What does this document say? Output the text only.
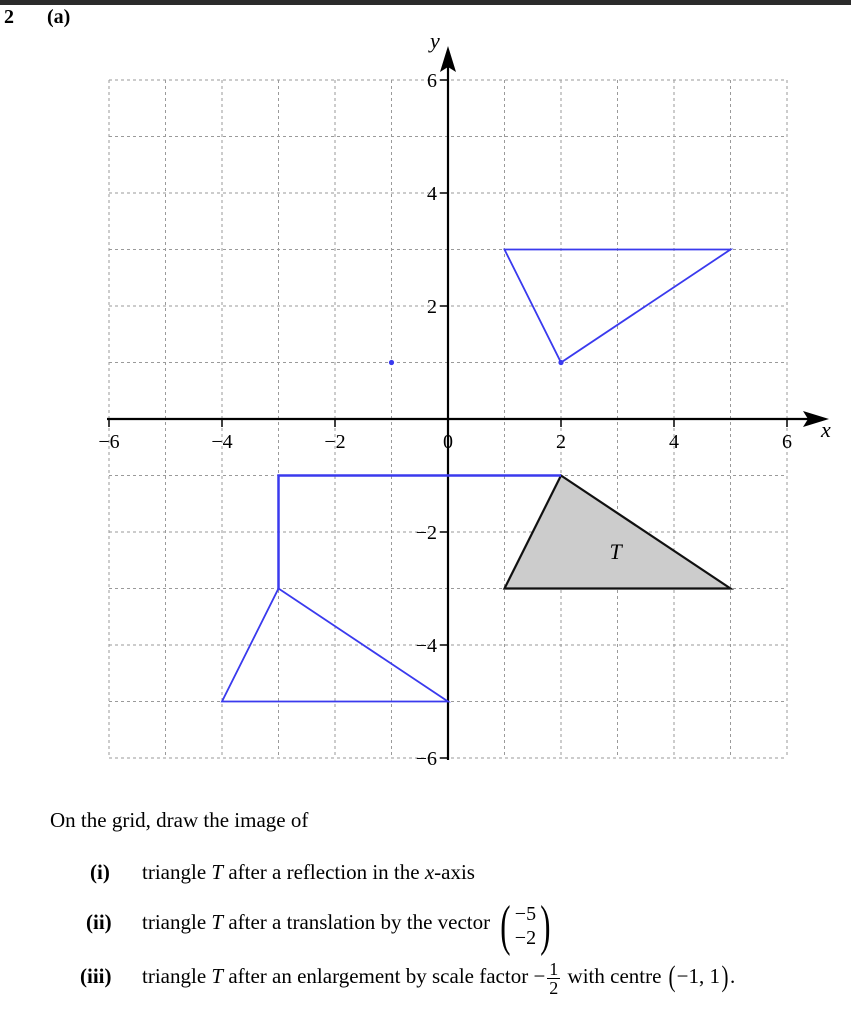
2 (a)
x
y
−6	−4	−2	0	2	4	6
6
4
2
−2
−4
−6
T
On the grid, draw the image of
(i) triangle T after a reflection in the x-axis
(ii) triangle T after a translation by the vector ( −5
−2 )
(iii) triangle T after an enlargement by scale factor − $\frac{1}{2}$ with centre (−1, 1).
